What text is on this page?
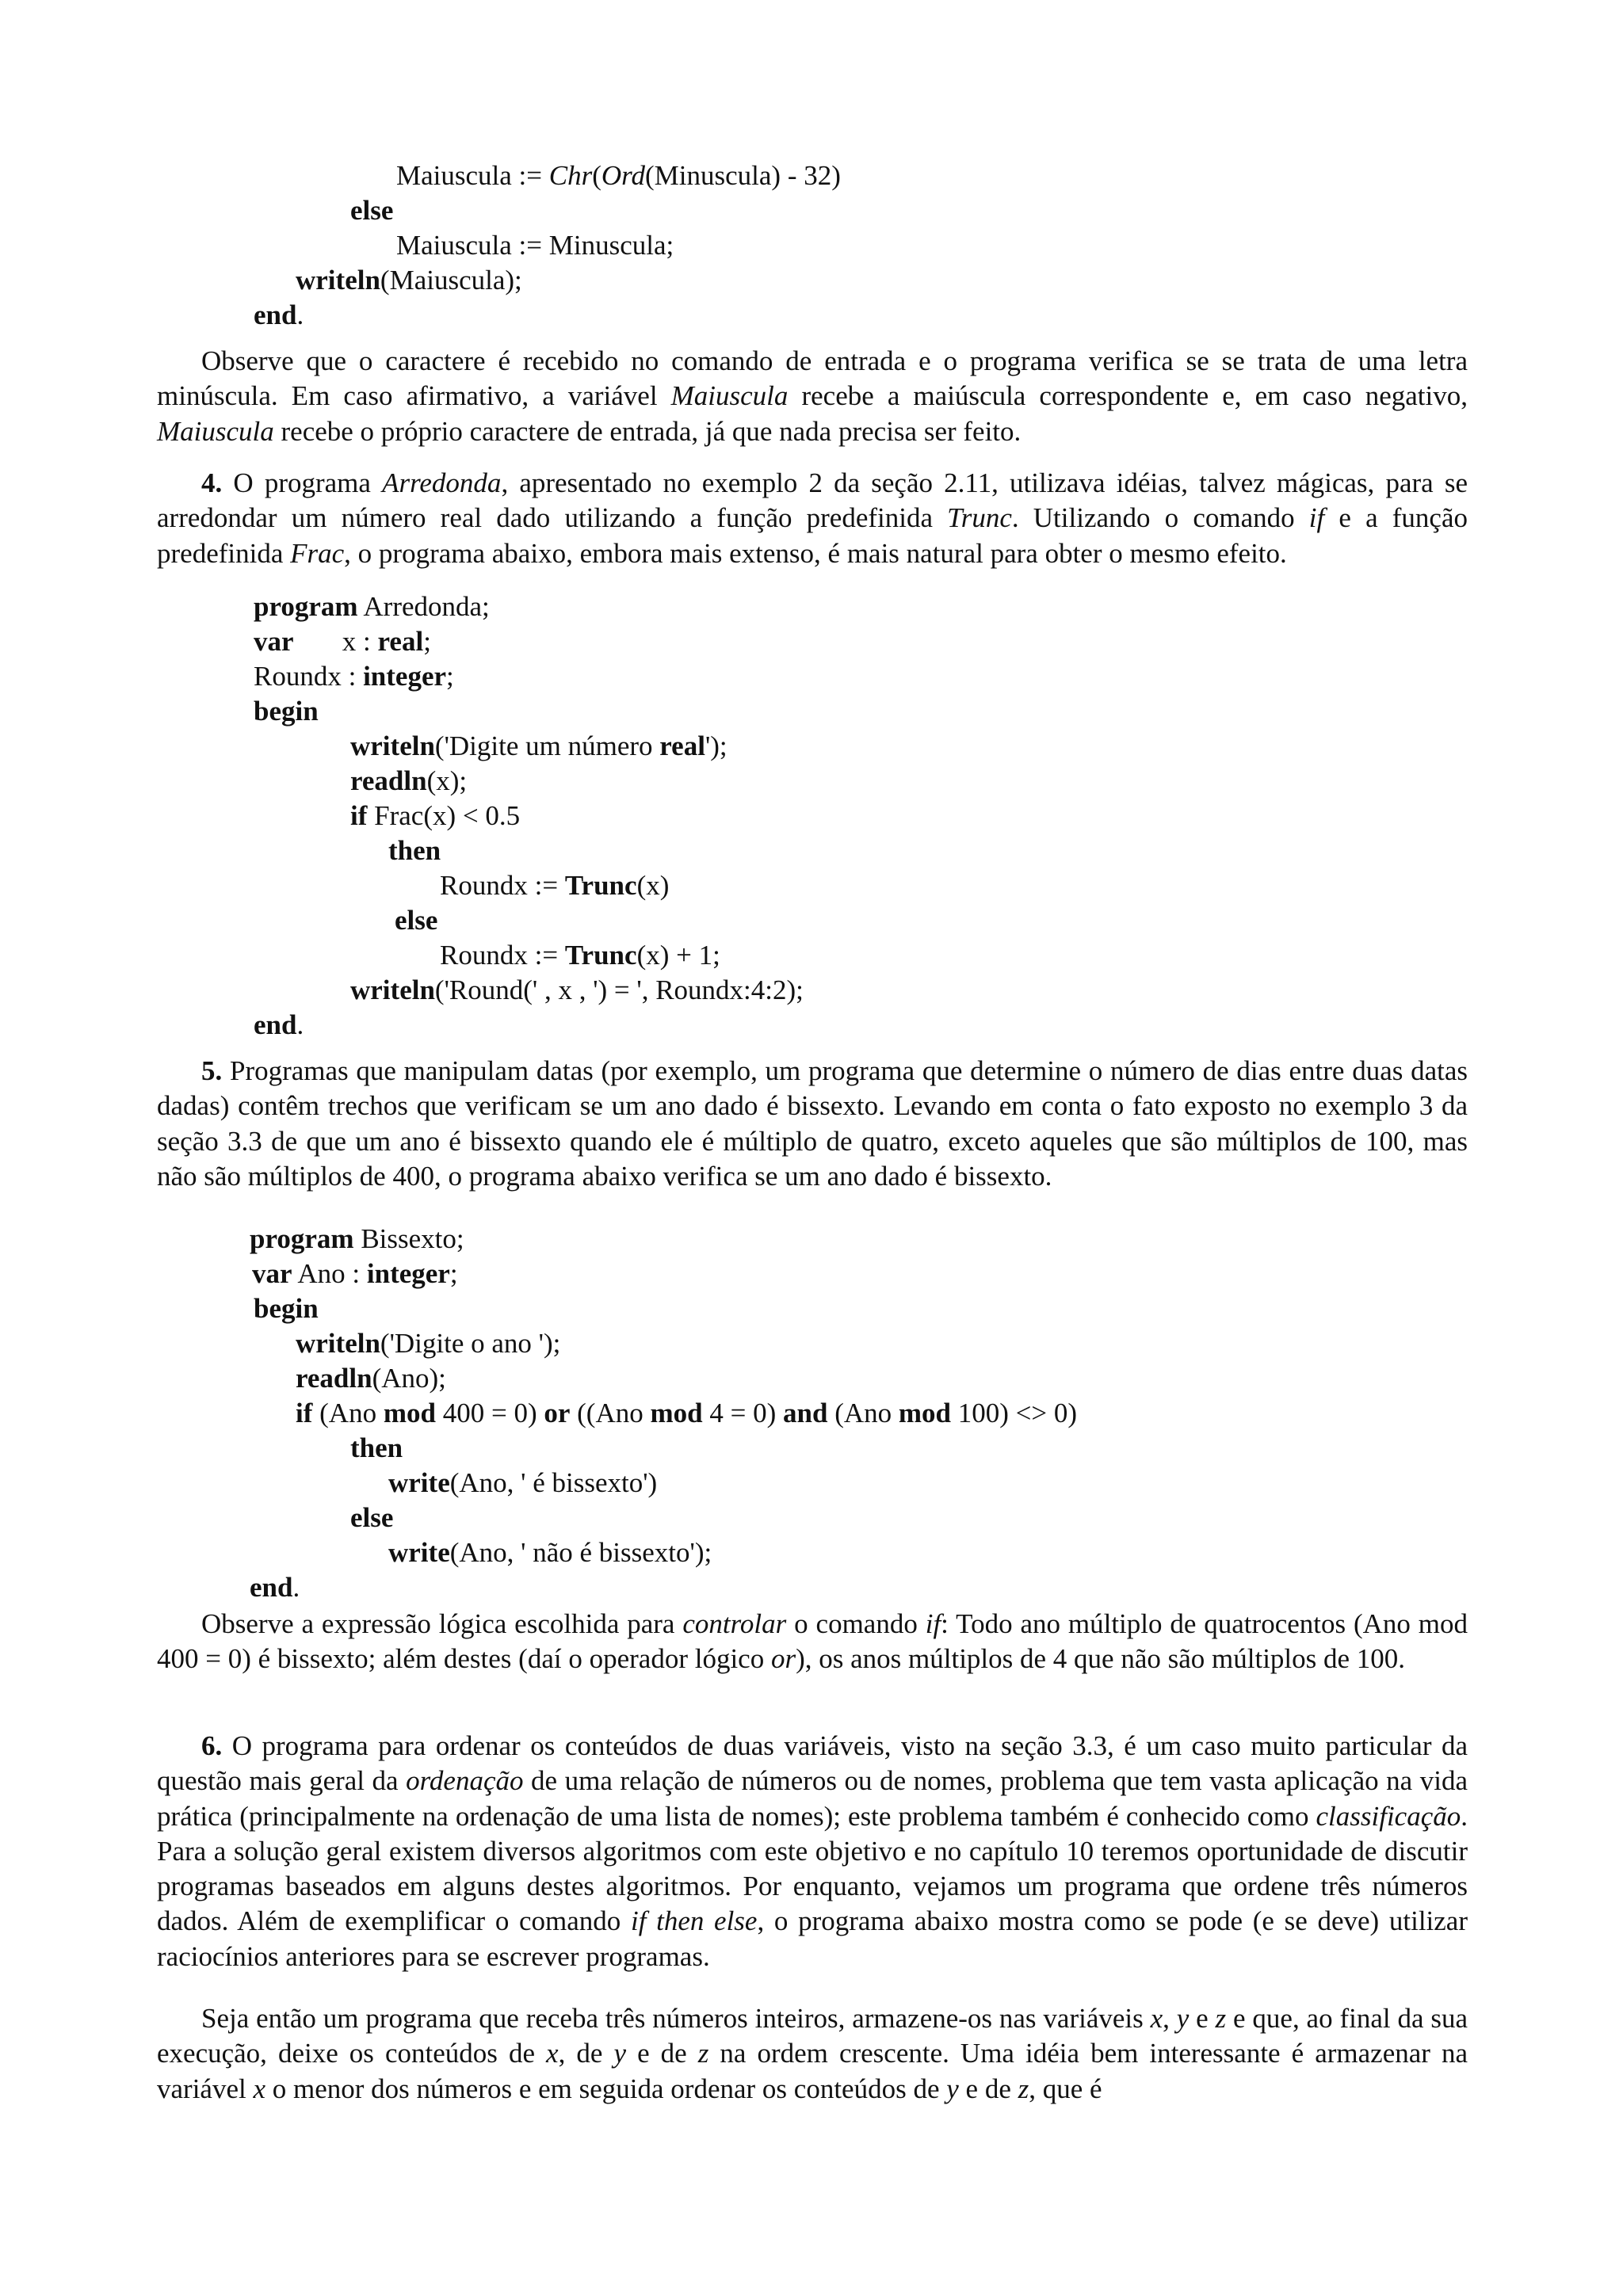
Maiuscula := Chr(Ord(Minuscula) - 32)
else
Maiuscula := Minuscula;
writeln(Maiuscula);
end.

Observe que o caractere é recebido no comando de entrada e o programa verifica se se trata de uma letra minúscula. Em caso afirmativo, a variável Maiuscula recebe a maiúscula correspondente e, em caso negativo, Maiuscula recebe o próprio caractere de entrada, já que nada precisa ser feito.

4. O programa Arredonda, apresentado no exemplo 2 da seção 2.11, utilizava idéias, talvez mágicas, para se arredondar um número real dado utilizando a função predefinida Trunc. Utilizando o comando if e a função predefinida Frac, o programa abaixo, embora mais extenso, é mais natural para obter o mesmo efeito.

program Arredonda;
var       x : real;
Roundx : integer;
begin
writeln('Digite um número real');
readln(x);
if Frac(x) < 0.5
then
Roundx := Trunc(x)
else
Roundx := Trunc(x) + 1;
writeln('Round(' , x , ') = ', Roundx:4:2);
end.

5. Programas que manipulam datas (por exemplo, um programa que determine o número de dias entre duas datas dadas) contêm trechos que verificam se um ano dado é bissexto. Levando em conta o fato exposto no exemplo 3 da seção 3.3 de que um ano é bissexto quando ele é múltiplo de quatro, exceto aqueles que são múltiplos de 100, mas não são múltiplos de 400, o programa abaixo verifica se um ano dado é bissexto.

program Bissexto;
var Ano : integer;
begin
writeln('Digite o ano ');
readln(Ano);
if (Ano mod 400 = 0) or ((Ano mod 4 = 0) and (Ano mod 100) <> 0)
then
write(Ano, ' é bissexto')
else
write(Ano, ' não é bissexto');
end.

Observe a expressão lógica escolhida para controlar o comando if: Todo ano múltiplo de quatrocentos (Ano mod 400 = 0) é bissexto; além destes (daí o operador lógico or), os anos múltiplos de 4 que não são múltiplos de 100.

6. O programa para ordenar os conteúdos de duas variáveis, visto na seção 3.3, é um caso muito particular da questão mais geral da ordenação de uma relação de números ou de nomes, problema que tem vasta aplicação na vida prática (principalmente na ordenação de uma lista de nomes); este problema também é conhecido como classificação. Para a solução geral existem diversos algoritmos com este objetivo e no capítulo 10 teremos oportunidade de discutir programas baseados em alguns destes algoritmos. Por enquanto, vejamos um programa que ordene três números dados. Além de exemplificar o comando if then else, o programa abaixo mostra como se pode (e se deve) utilizar raciocínios anteriores para se escrever programas.

Seja então um programa que receba três números inteiros, armazene-os nas variáveis x, y e z e que, ao final da sua execução, deixe os conteúdos de x, de y e de z na ordem crescente. Uma idéia bem interessante é armazenar na variável x o menor dos números e em seguida ordenar os conteúdos de y e de z, que é
